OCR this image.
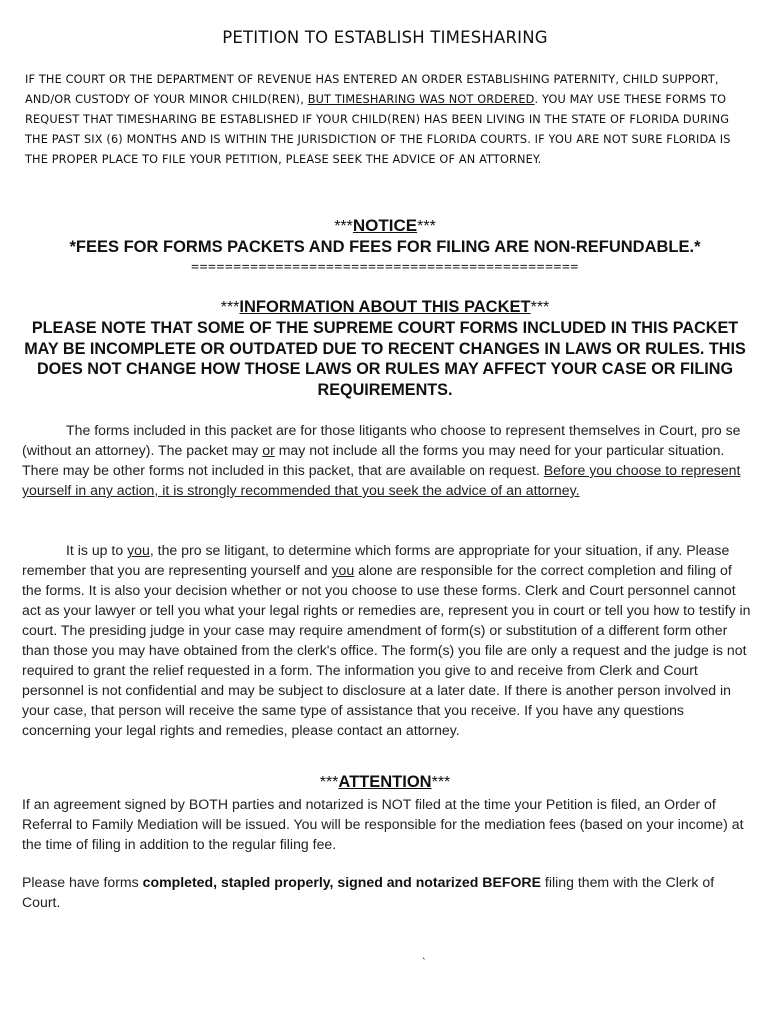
PETITION TO ESTABLISH TIMESHARING
IF THE COURT OR THE DEPARTMENT OF REVENUE HAS ENTERED AN ORDER ESTABLISHING PATERNITY, CHILD SUPPORT, AND/OR CUSTODY OF YOUR MINOR CHILD(REN), BUT TIMESHARING WAS NOT ORDERED. YOU MAY USE THESE FORMS TO REQUEST THAT TIMESHARING BE ESTABLISHED IF YOUR CHILD(REN) HAS BEEN LIVING IN THE STATE OF FLORIDA DURING THE PAST SIX (6) MONTHS AND IS WITHIN THE JURISDICTION OF THE FLORIDA COURTS. IF YOU ARE NOT SURE FLORIDA IS THE PROPER PLACE TO FILE YOUR PETITION, PLEASE SEEK THE ADVICE OF AN ATTORNEY.
***NOTICE***
*FEES FOR FORMS PACKETS AND FEES FOR FILING ARE NON-REFUNDABLE.*
==============================================
***INFORMATION ABOUT THIS PACKET***
PLEASE NOTE THAT SOME OF THE SUPREME COURT FORMS INCLUDED IN THIS PACKET MAY BE INCOMPLETE OR OUTDATED DUE TO RECENT CHANGES IN LAWS OR RULES. THIS DOES NOT CHANGE HOW THOSE LAWS OR RULES MAY AFFECT YOUR CASE OR FILING REQUIREMENTS.
The forms included in this packet are for those litigants who choose to represent themselves in Court, pro se (without an attorney). The packet may or may not include all the forms you may need for your particular situation. There may be other forms not included in this packet, that are available on request. Before you choose to represent yourself in any action, it is strongly recommended that you seek the advice of an attorney.
It is up to you, the pro se litigant, to determine which forms are appropriate for your situation, if any. Please remember that you are representing yourself and you alone are responsible for the correct completion and filing of the forms. It is also your decision whether or not you choose to use these forms. Clerk and Court personnel cannot act as your lawyer or tell you what your legal rights or remedies are, represent you in court or tell you how to testify in court. The presiding judge in your case may require amendment of form(s) or substitution of a different form other than those you may have obtained from the clerk's office. The form(s) you file are only a request and the judge is not required to grant the relief requested in a form. The information you give to and receive from Clerk and Court personnel is not confidential and may be subject to disclosure at a later date. If there is another person involved in your case, that person will receive the same type of assistance that you receive. If you have any questions concerning your legal rights and remedies, please contact an attorney.
***ATTENTION***
If an agreement signed by BOTH parties and notarized is NOT filed at the time your Petition is filed, an Order of Referral to Family Mediation will be issued. You will be responsible for the mediation fees (based on your income) at the time of filing in addition to the regular filing fee.
Please have forms completed, stapled properly, signed and notarized BEFORE filing them with the Clerk of Court.
ˎ
